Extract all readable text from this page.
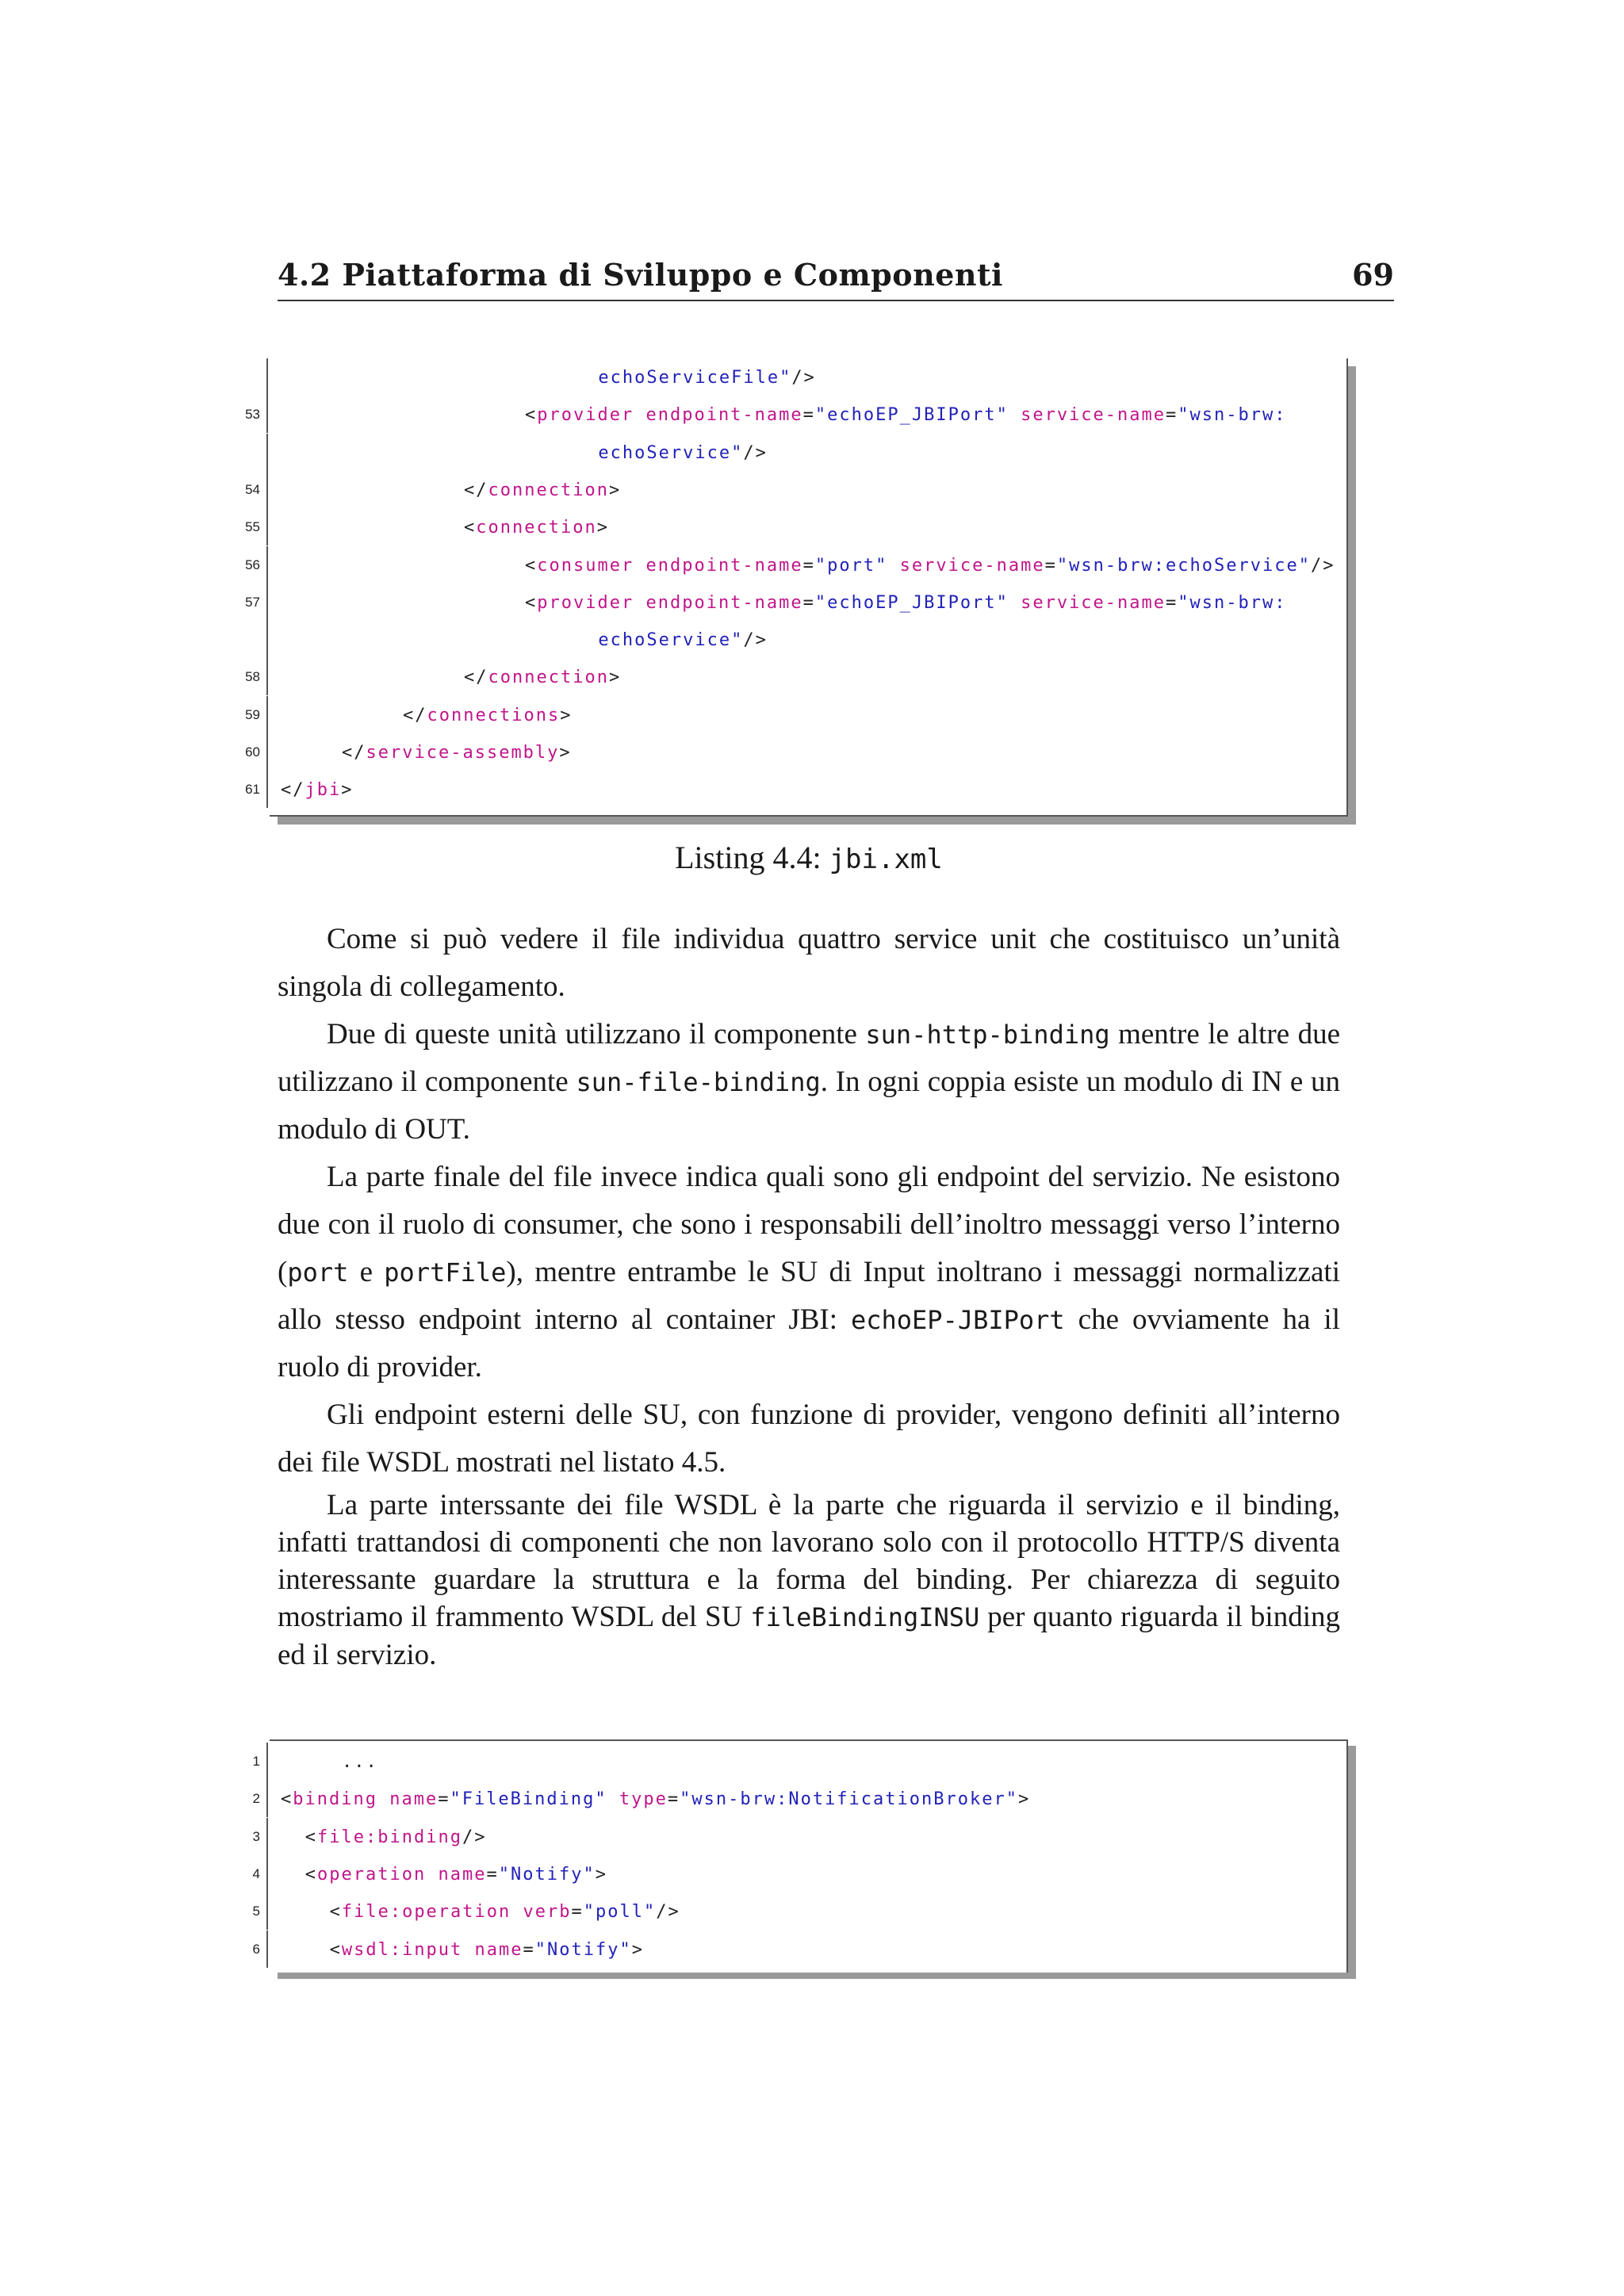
4.2 Piattaforma di Sviluppo e Componenti	69
echoServiceFile"/>
53	<provider endpoint-name="echoEP_JBIPort" service-name="wsn-brw:
echoService"/>
54	</connection>
55	<connection>
56	<consumer endpoint-name="port" service-name="wsn-brw:echoService"/>
57	<provider endpoint-name="echoEP_JBIPort" service-name="wsn-brw:
echoService"/>
58	</connection>
59	</connections>
60	</service-assembly>
61 </jbi>
Listing 4.4: jbi.xml

Come si può vedere il file individua quattro service unit che costituisco un’unità singola di collegamento.

Due di queste unità utilizzano il componente sun-http-binding mentre le altre due utilizzano il componente sun-file-binding. In ogni coppia esiste un modulo di IN e un modulo di OUT.

La parte finale del file invece indica quali sono gli endpoint del servizio. Ne esistono due con il ruolo di consumer, che sono i responsabili dell’inoltro messaggi verso l’interno (port e portFile), mentre entrambe le SU di Input inoltrano i messaggi normalizzati allo stesso endpoint interno al container JBI: echoEP-JBIPort che ovviamente ha il ruolo di provider.

Gli endpoint esterni delle SU, con funzione di provider, vengono definiti all’interno dei file WSDL mostrati nel listato 4.5.

La parte interssante dei file WSDL è la parte che riguarda il servizio e il binding, infatti trattandosi di componenti che non lavorano solo con il protocollo HTTP/S diventa interessante guardare la struttura e la forma del binding. Per chiarezza di seguito mostriamo il frammento WSDL del SU fileBindingINSU per quanto riguarda il binding ed il servizio.

1	...
2 <binding name="FileBinding" type="wsn-brw:NotificationBroker">
3	<file:binding/>
4	<operation name="Notify">
5	<file:operation verb="poll"/>
6	<wsdl:input name="Notify">
